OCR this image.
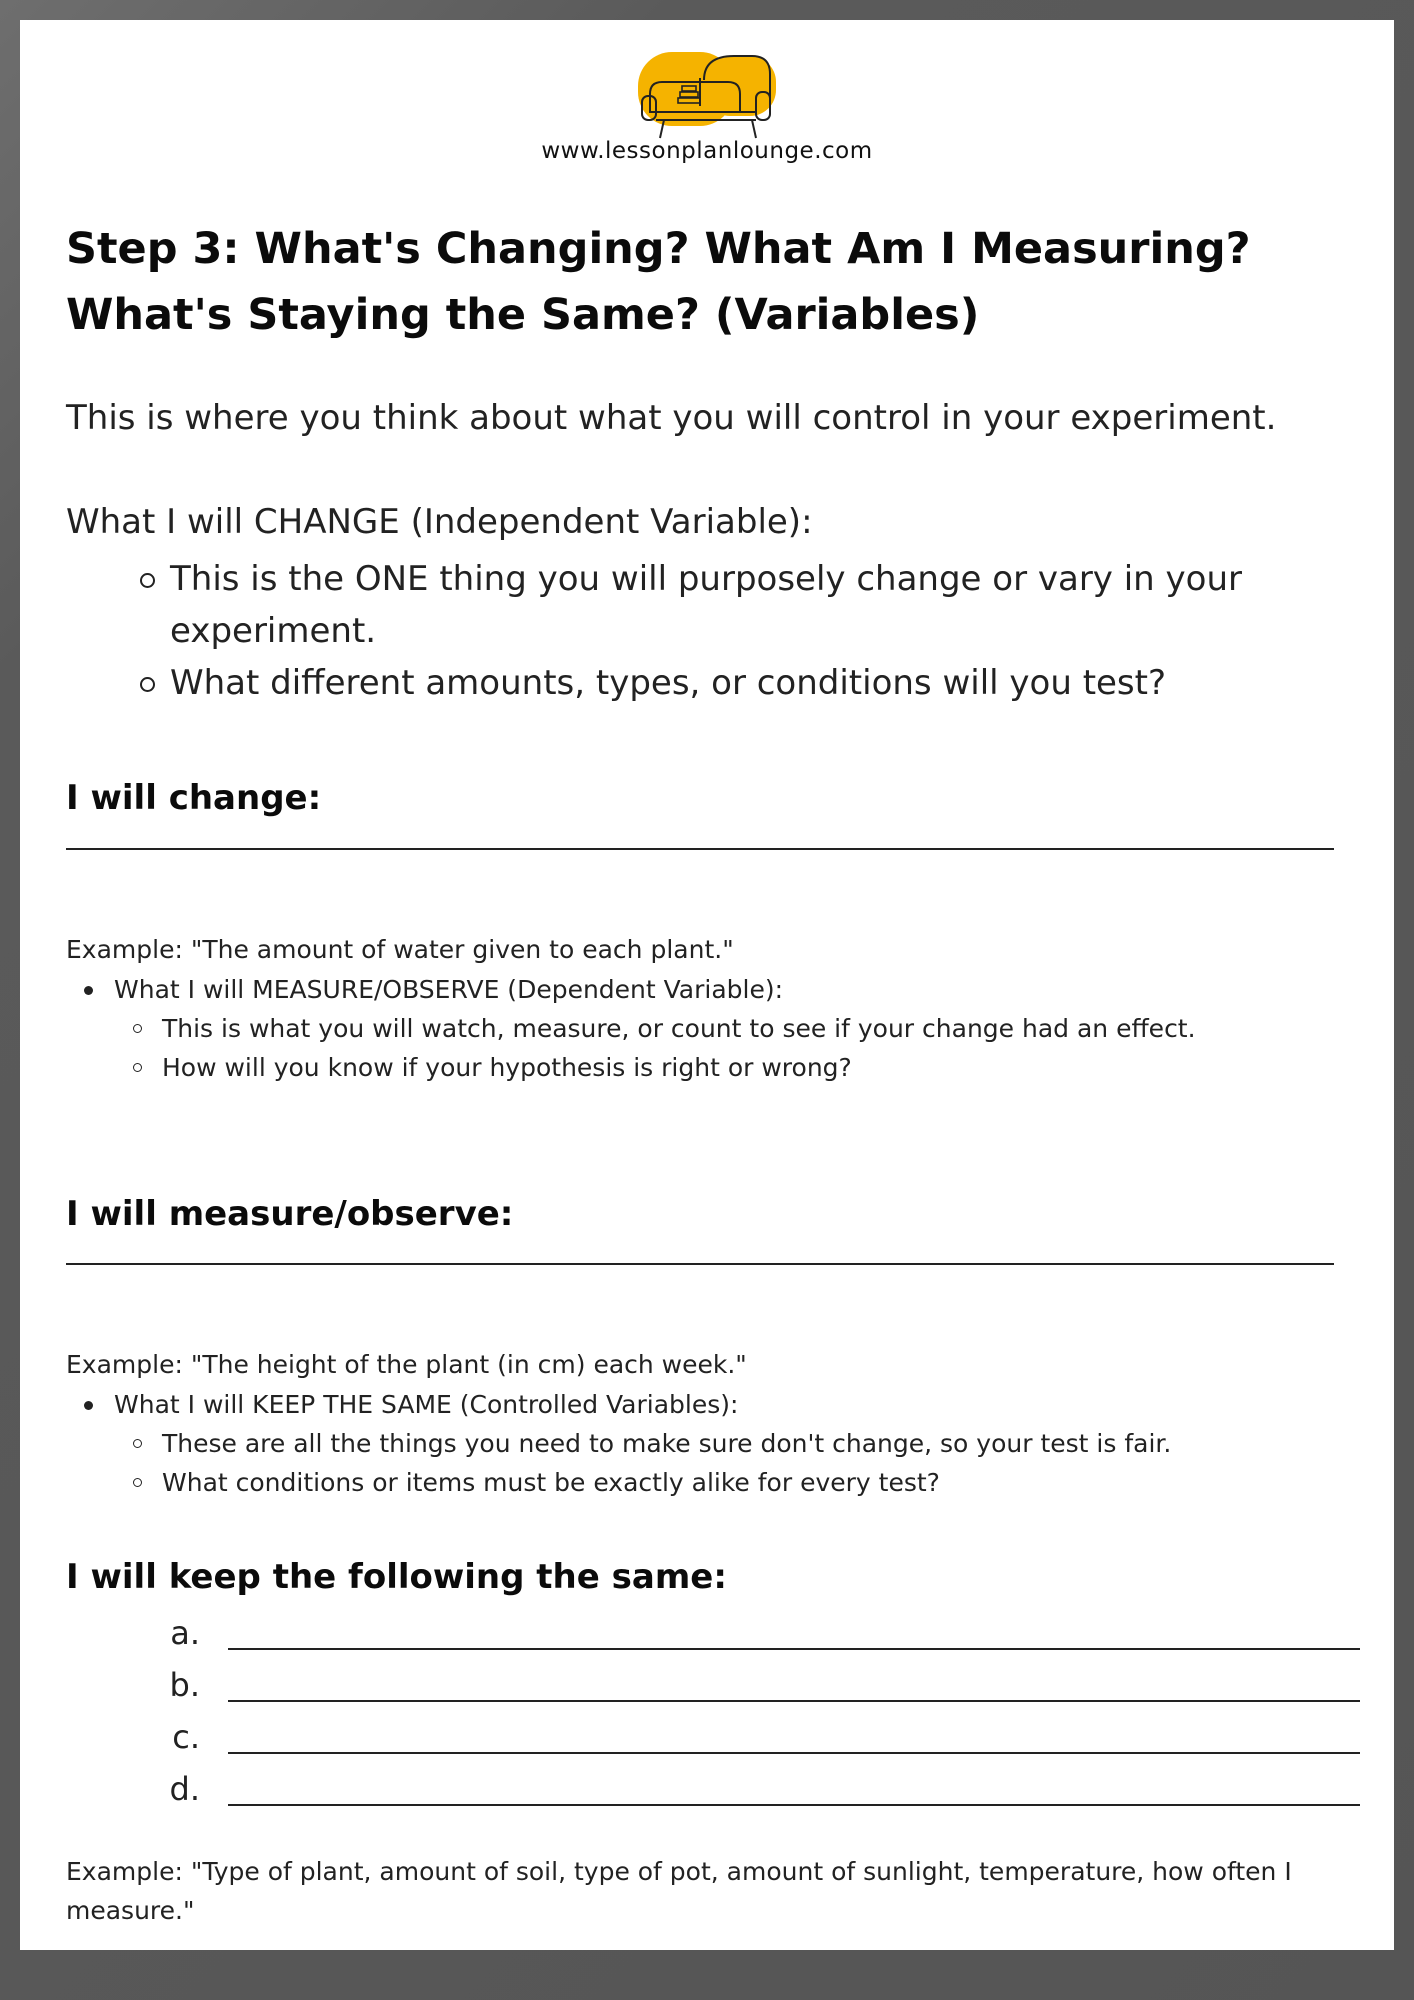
www.lessonplanlounge.com
Step 3: What's Changing? What Am I Measuring? What's Staying the Same? (Variables)

This is where you think about what you will control in your experiment.

What I will CHANGE (Independent Variable):

This is the ONE thing you will purposely change or vary in your experiment.
What different amounts, types, or conditions will you test?
I will change:

Example: "The amount of water given to each plant."

What I will MEASURE/OBSERVE (Dependent Variable):
This is what you will watch, measure, or count to see if your change had an effect.
How will you know if your hypothesis is right or wrong?
I will measure/observe:

Example: "The height of the plant (in cm) each week."

What I will KEEP THE SAME (Controlled Variables):
These are all the things you need to make sure don't change, so your test is fair.
What conditions or items must be exactly alike for every test?
I will keep the following the same:
a.
b.
c.
d.

Example: "Type of plant, amount of soil, type of pot, amount of sunlight, temperature, how often I measure."
